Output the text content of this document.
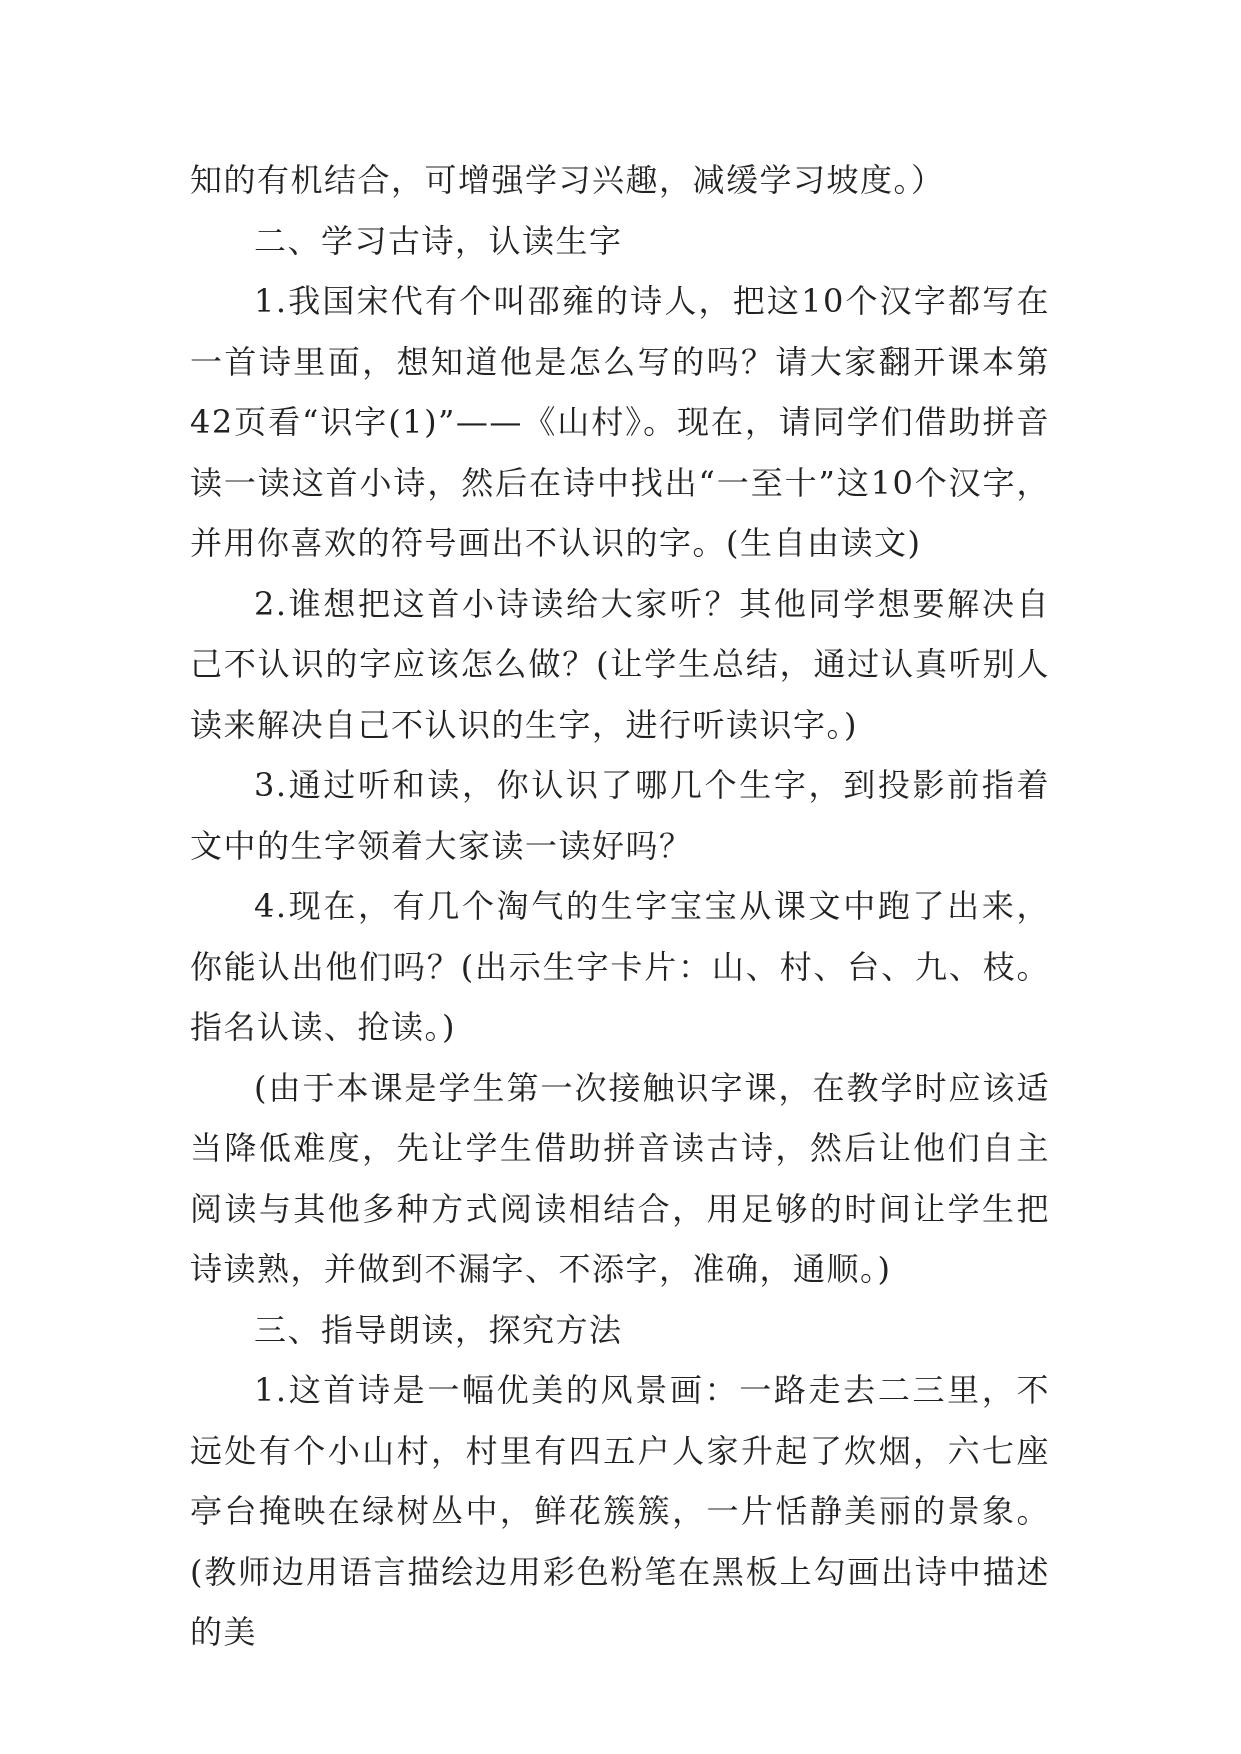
知的有机结合，可增强学习兴趣，减缓学习坡度。）

二、学习古诗，认读生字

1.我国宋代有个叫邵雍的诗人，把这10个汉字都写在一首诗里面，想知道他是怎么写的吗？请大家翻开课本第42页看“识字(1)”——《山村》。现在，请同学们借助拼音读一读这首小诗，然后在诗中找出“一至十”这10个汉字，并用你喜欢的符号画出不认识的字。(生自由读文)

2.谁想把这首小诗读给大家听？其他同学想要解决自己不认识的字应该怎么做？(让学生总结，通过认真听别人读来解决自己不认识的生字，进行听读识字。)

3.通过听和读，你认识了哪几个生字，到投影前指着文中的生字领着大家读一读好吗？

4.现在，有几个淘气的生字宝宝从课文中跑了出来，你能认出他们吗？(出示生字卡片：山、村、台、九、枝。指名认读、抢读。)

(由于本课是学生第一次接触识字课，在教学时应该适当降低难度，先让学生借助拼音读古诗，然后让他们自主阅读与其他多种方式阅读相结合，用足够的时间让学生把诗读熟，并做到不漏字、不添字，准确，通顺。)

三、指导朗读，探究方法

1.这首诗是一幅优美的风景画：一路走去二三里，不远处有个小山村，村里有四五户人家升起了炊烟，六七座亭台掩映在绿树丛中，鲜花簇簇，一片恬静美丽的景象。(教师边用语言描绘边用彩色粉笔在黑板上勾画出诗中描述的美
